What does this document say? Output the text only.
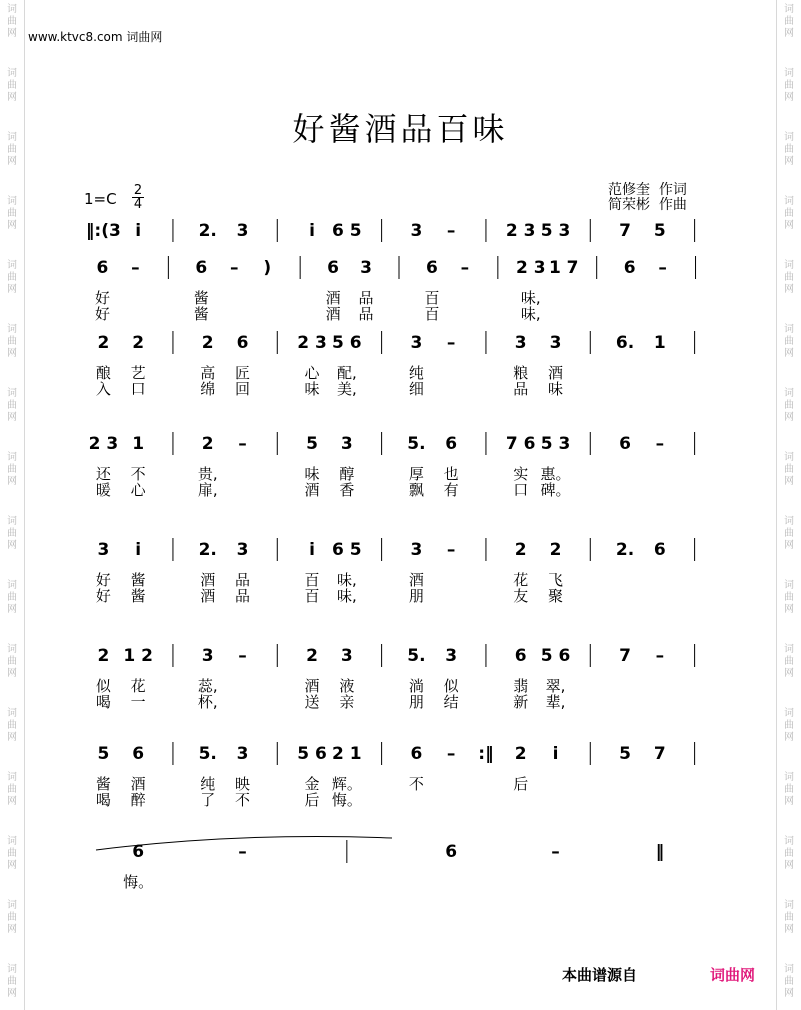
词
曲
网
词
曲
网
词
曲
网
词
曲
网
词
曲
网
词
曲
网
词
曲
网
词
曲
网
词
曲
网
词
曲
网
词
曲
网
词
曲
网
词
曲
网
词
曲
网
词
曲
网
词
曲
网
词
曲
网
词
曲
网
词
曲
网
词
曲
网
词
曲
网
词
曲
网
词
曲
网
词
曲
网
词
曲
网
词
曲
网
词
曲
网
词
曲
网
词
曲
网
词
曲
网
词
曲
网
词
曲
网
www.ktvc8.com 词曲网
好酱酒品百味
范修奎 作词
简荣彬 作曲
1=C 2
4
‖:(3 i	2. 3	i 6 5	3 –	2 3 5 3	7 5
6 –	6 – )	6 3	6 –	2 3 1 7	6 –
好	酱	酒 品	百	味,
好	酱	酒 品	百	味,
2 2	2 6	2 3 5 6	3 –	3 3	6. 1
酿 艺	高 匠	心 配,	纯	粮 酒
入 口	绵 回	味 美,	细	品 味
2 3 1	2 –	5 3	5. 6	7 6 5 3	6 –
还 不	贵,	味 醇	厚 也	实 惠。
暖 心	扉,	酒 香	飘 有	口 碑。
3 i	2. 3	i 6 5	3 –	2 2	2. 6
好 酱	酒 品	百 味,	酒	花 飞
好 酱	酒 品	百 味,	朋	友 聚
2 1 2	3 –	2 3	5. 3	6 5 6	7 –
似 花	蕊,	酒 液	淌 似	翡 翠,
喝 一	杯,	送 亲	朋 结	新 辈,
5 6	5. 3	5 6 2 1	6 – :‖ 2 i	5 7
酱 酒	纯 映	金 辉。	不	后
喝 醉	了 不	后 悔。
6	–	6	–	‖
悔。
本曲谱源自	词曲网
